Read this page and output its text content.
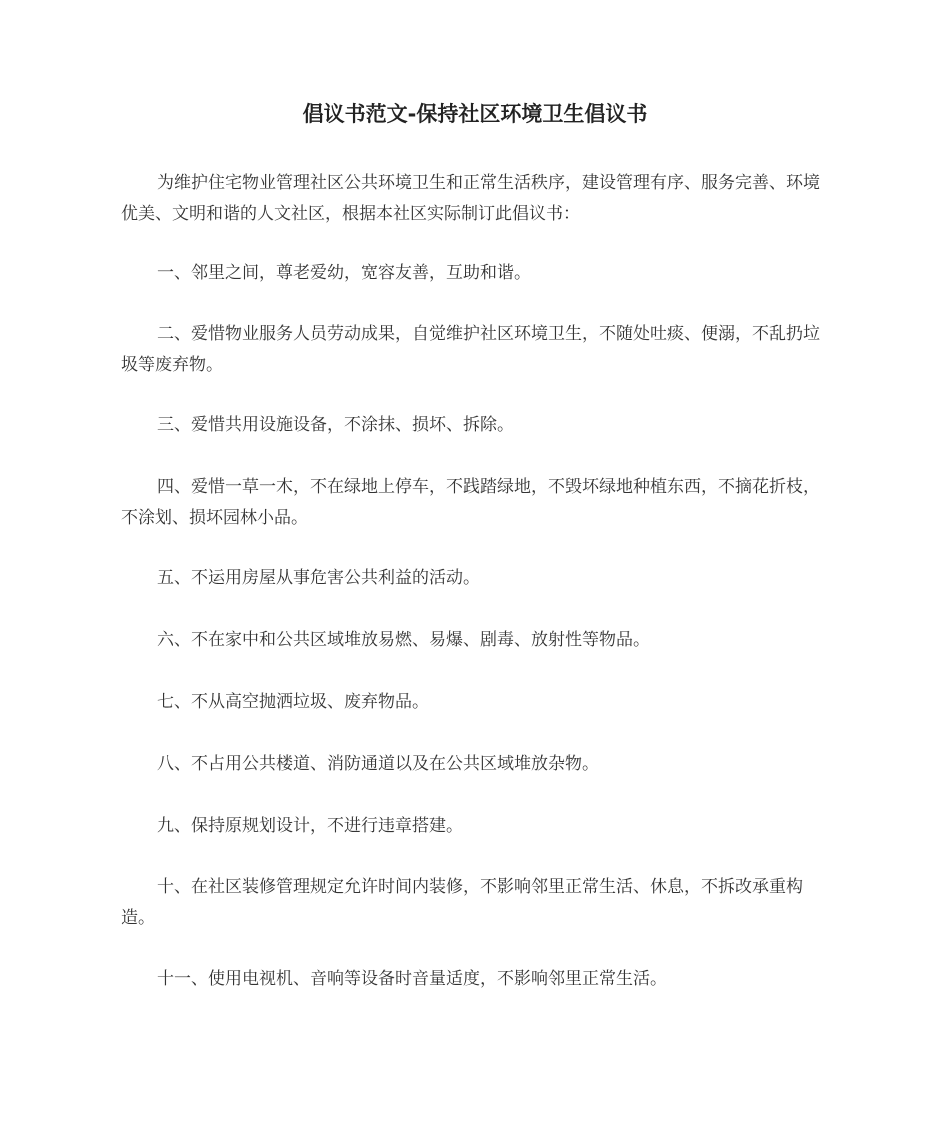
倡议书范文-保持社区环境卫生倡议书

为维护住宅物业管理社区公共环境卫生和正常生活秩序，建设管理有序、服务完善、环境优美、文明和谐的人文社区，根据本社区实际制订此倡议书：

一、邻里之间，尊老爱幼，宽容友善，互助和谐。

二、爱惜物业服务人员劳动成果，自觉维护社区环境卫生，不随处吐痰、便溺，不乱扔垃圾等废弃物。

三、爱惜共用设施设备，不涂抹、损坏、拆除。

四、爱惜一草一木，不在绿地上停车，不践踏绿地，不毁坏绿地种植东西，不摘花折枝，不涂划、损坏园林小品。

五、不运用房屋从事危害公共利益的活动。

六、不在家中和公共区域堆放易燃、易爆、剧毒、放射性等物品。

七、不从高空抛洒垃圾、废弃物品。

八、不占用公共楼道、消防通道以及在公共区域堆放杂物。

九、保持原规划设计，不进行违章搭建。

十、在社区装修管理规定允许时间内装修，不影响邻里正常生活、休息，不拆改承重构造。

十一、使用电视机、音响等设备时音量适度，不影响邻里正常生活。
